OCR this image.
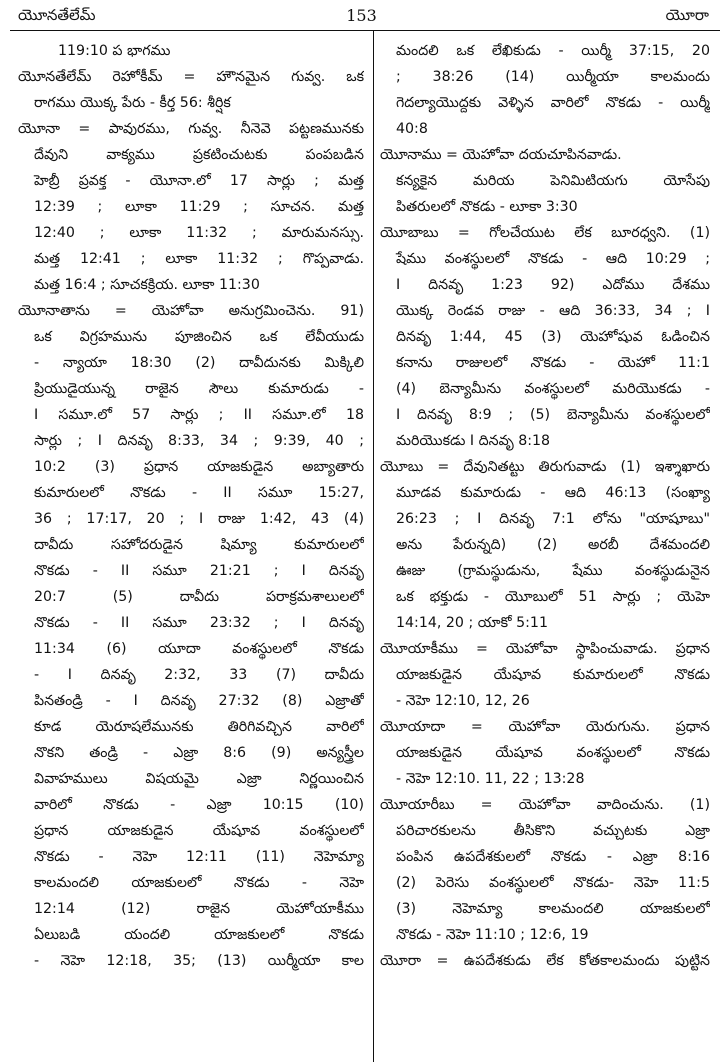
యెూనతేలేమ్	153	యెూరా
119:10 ప భాగము
యెూనతేలేమ్ రెహోకీమ్ = హౌనమైన గువ్వ. ఒక
రాగము యొక్క పేరు - కీర్త 56: శీర్షిక
యెూనా = పావురము, గువ్వ. నీనెవె పట్టణమునకు
దేవుని వాక్యము ప్రకటించుటకు పంపబడిన
హెబ్రీ ప్రవక్త - యెూనా.లో 17 సార్లు ; మత్త
12:39 ; లూకా 11:29 ; సూచన. మత్త
12:40 ; లూకా 11:32 ; మారుమనస్సు.
మత్త 12:41 ; లూకా 11:32 ; గొప్పవాడు.
మత్త 16:4 ; సూచకక్రియ. లూకా 11:30
యెూనాతాను = యెహోవా అనుగ్రమించెను. 91)
ఒక విగ్రహమును పూజించిన ఒక లేవీయుడు
- న్యాయా 18:30 (2) దావీదునకు మిక్కిలి
ప్రియుడైయున్న రాజైన సౌలు కుమారుడు -
I సమూ.లో 57 సార్లు ; II సమూ.లో 18
సార్లు ; I దినవృ 8:33, 34 ; 9:39, 40 ;
10:2 (3) ప్రధాన యాజకుడైన అబ్యాతారు
కుమారులలో నొకడు - II సమూ 15:27,
36 ; 17:17, 20 ; I రాజు 1:42, 43 (4)
దావీదు సహోదరుడైన షిమ్యా కుమారులలో
నొకడు - II సమూ 21:21 ; I దినవృ
20:7 (5) దావీదు పరాక్రమశాలులలో
నొకడు - II సమూ 23:32 ; I దినవృ
11:34 (6) యూదా వంశస్థులలో నొకడు
- I దినవృ 2:32, 33 (7) దావీదు
పినతండ్రి - I దినవృ 27:32 (8) ఎజ్రాతో
కూడ యెరూషలేమునకు తిరిగివచ్చిన వారిలో
నొకని తండ్రి - ఎజ్రా 8:6 (9) అన్యస్త్రీల
వివాహములు విషయమై ఎజ్రా నిర్ణయించిన
వారిలో నొకడు - ఎజ్రా 10:15 (10)
ప్రధాన యాజకుడైన యేషూవ వంశస్థులలో
నొకడు - నెహె 12:11 (11) నెహెమ్యా
కాలమందలి యాజకులలో నొకడు - నెహె
12:14 (12) రాజైన యెహోయాకీము
ఏలుబడి యందలి యాజకులలో నొకడు
- నెహె 12:18, 35; (13) యిర్మీయా కాల
మందలి ఒక లేఖికుడు - యిర్మీ 37:15, 20
; 38:26 (14) యిర్మీయా కాలమందు
గెదల్యాయొద్దకు వెళ్ళిన వారిలో నొకడు - యిర్మీ
40:8
యెూనాము = యెహోవా దయచూపినవాడు.
కన్యకైన మరియ పెనిమిటియగు యోసేపు
పితరులలో నొకడు - లూకా 3:30
యెూబాబు = గోలచేయుట లేక బూరధ్వని. (1)
షేము వంశస్థులలో నొకడు - ఆది 10:29 ;
I దినవృ 1:23 92) ఎదోము దేశము
యొక్క రెండవ రాజు - ఆది 36:33, 34 ; I
దినవృ 1:44, 45 (3) యెహోషువ ఓడించిన
కనాను రాజులలో నొకడు - యెహో 11:1
(4) బెన్యామీను వంశస్థులలో మరియొకడు -
I దినవృ 8:9 ; (5) బెన్యామీను వంశస్థులలో
మరియొకడు I దినవృ 8:18
యెూబు = దేవునితట్టు తిరుగువాడు (1) ఇశ్శాఖారు
మూడవ కుమారుడు - ఆది 46:13 (సంఖ్యా
26:23 ; I దినవృ 7:1 లోను "యాషూబు"
అను పేరున్నది) (2) అరబీ దేశమందలి
ఊజు (గ్రామస్థుడును, షేము వంశస్థుడునైన
ఒక భక్తుడు - యెూబులో 51 సార్లు ; యెహె
14:14, 20 ; యాకో 5:11
యెూయాకీము = యెహోవా స్థాపించువాడు. ప్రధాన
యాజకుడైన యేషూవ కుమారులలో నొకడు
- నెహె 12:10, 12, 26
యెూయాదా = యెహోవా యెరుగును. ప్రధాన
యాజకుడైన యేషూవ వంశస్థులలో నొకడు
- నెహె 12:10. 11, 22 ; 13:28
యెూయారీబు = యెహోవా వాదించును. (1)
పరిచారకులను తీసికొని వచ్చుటకు ఎజ్రా
పంపిన ఉపదేశకులలో నొకడు - ఎజ్రా 8:16
(2) పెరెసు వంశస్థులలో నొకడు- నెహె 11:5
(3) నెహెమ్యా కాలమందలి యాజకులలో
నొకడు - నెహె 11:10 ; 12:6, 19
యెూరా = ఉపదేశకుడు లేక కోతకాలమందు పుట్టిన
